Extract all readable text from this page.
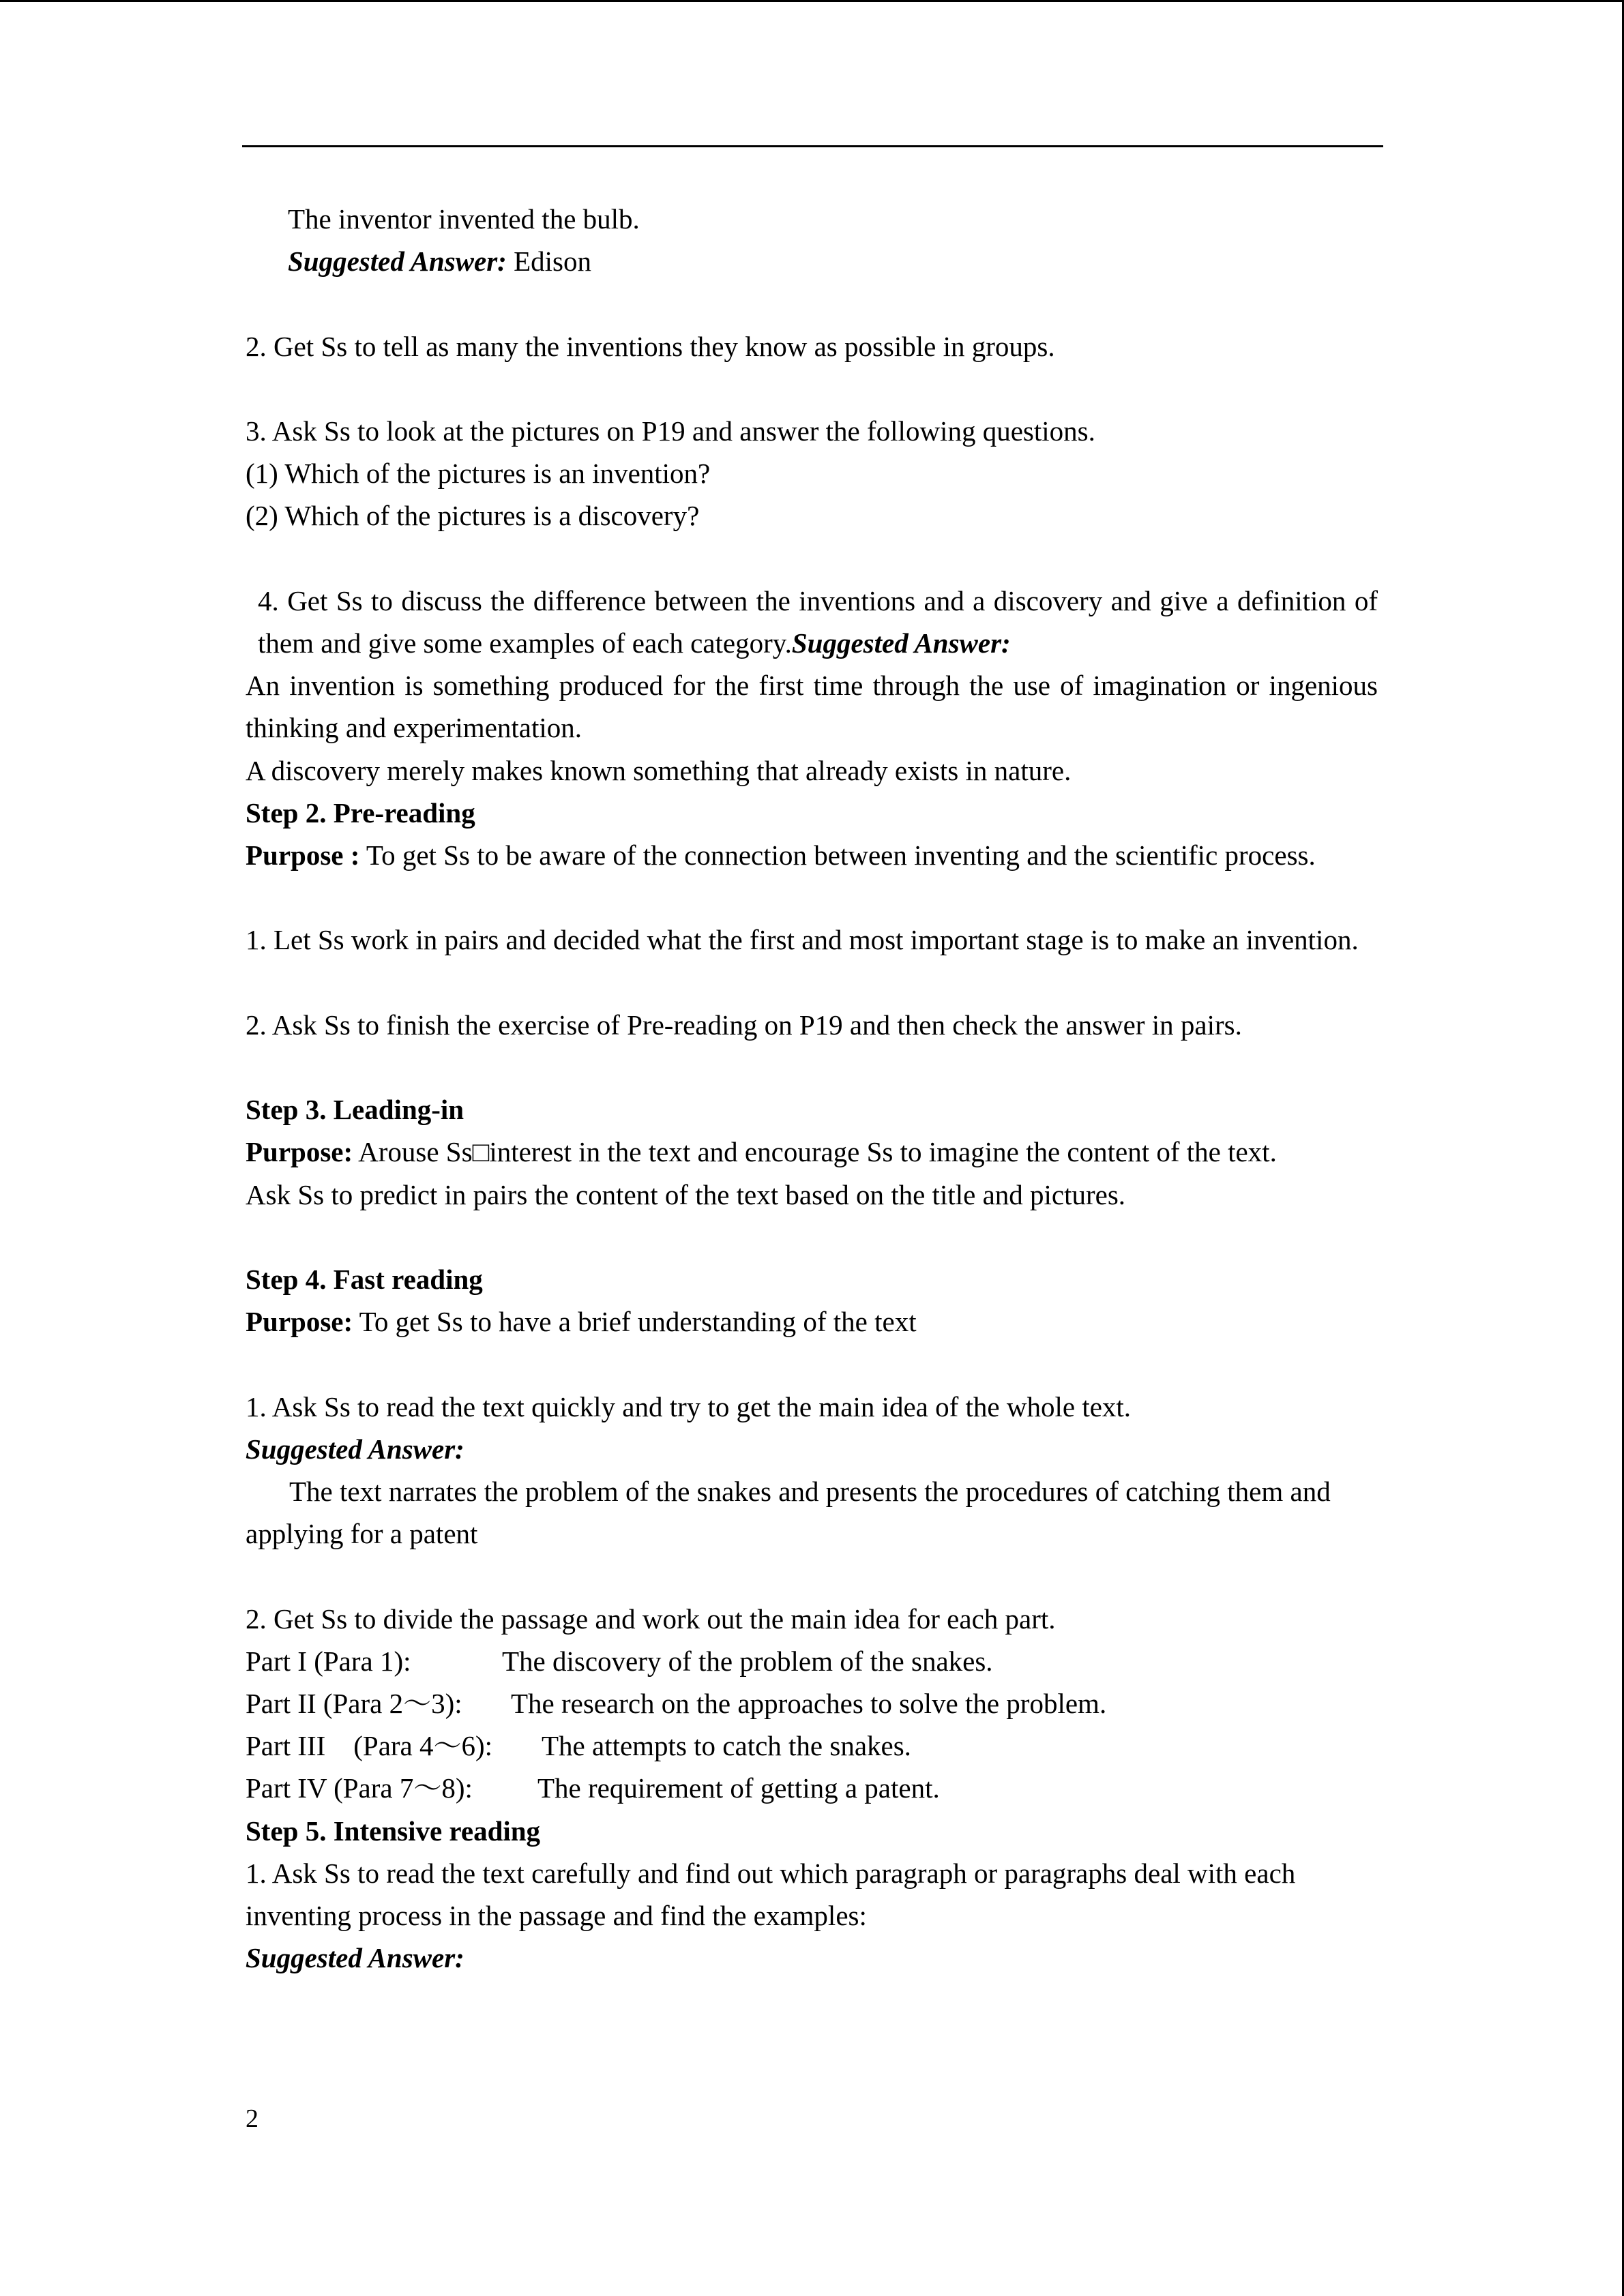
The inventor invented the bulb.

Suggested Answer: Edison

2. Get Ss to tell as many the inventions they know as possible in groups.

3. Ask Ss to look at the pictures on P19 and answer the following questions.

(1) Which of the pictures is an invention?

(2) Which of the pictures is a discovery?

4. Get Ss to discuss the difference between the inventions and a discovery and give a definition of them and give some examples of each category.Suggested Answer:

An invention is something produced for the first time through the use of imagination or ingenious thinking and experimentation.

A discovery merely makes known something that already exists in nature.

Step 2. Pre-reading

Purpose : To get Ss to be aware of the connection between inventing and the scientific process.

1. Let Ss work in pairs and decided what the first and most important stage is to make an invention.

2. Ask Ss to finish the exercise of Pre-reading on P19 and then check the answer in pairs.

Step 3. Leading-in

Purpose: Arouse Ss□interest in the text and encourage Ss to imagine the content of the text.

Ask Ss to predict in pairs the content of the text based on the title and pictures.

Step 4. Fast reading

Purpose: To get Ss to have a brief understanding of the text

1. Ask Ss to read the text quickly and try to get the main idea of the whole text.

Suggested Answer:

The text narrates the problem of the snakes and presents the procedures of catching them and applying for a patent

2. Get Ss to divide the passage and work out the main idea for each part.

Part I (Para 1):	The discovery of the problem of the snakes.
Part II (Para 2～3):	The research on the approaches to solve the problem.
Part III　(Para 4～6):	The attempts to catch the snakes.
Part IV (Para 7～8):	The requirement of getting a patent.

Step 5. Intensive reading

1. Ask Ss to read the text carefully and find out which paragraph or paragraphs deal with each inventing process in the passage and find the examples:

Suggested Answer:

2
